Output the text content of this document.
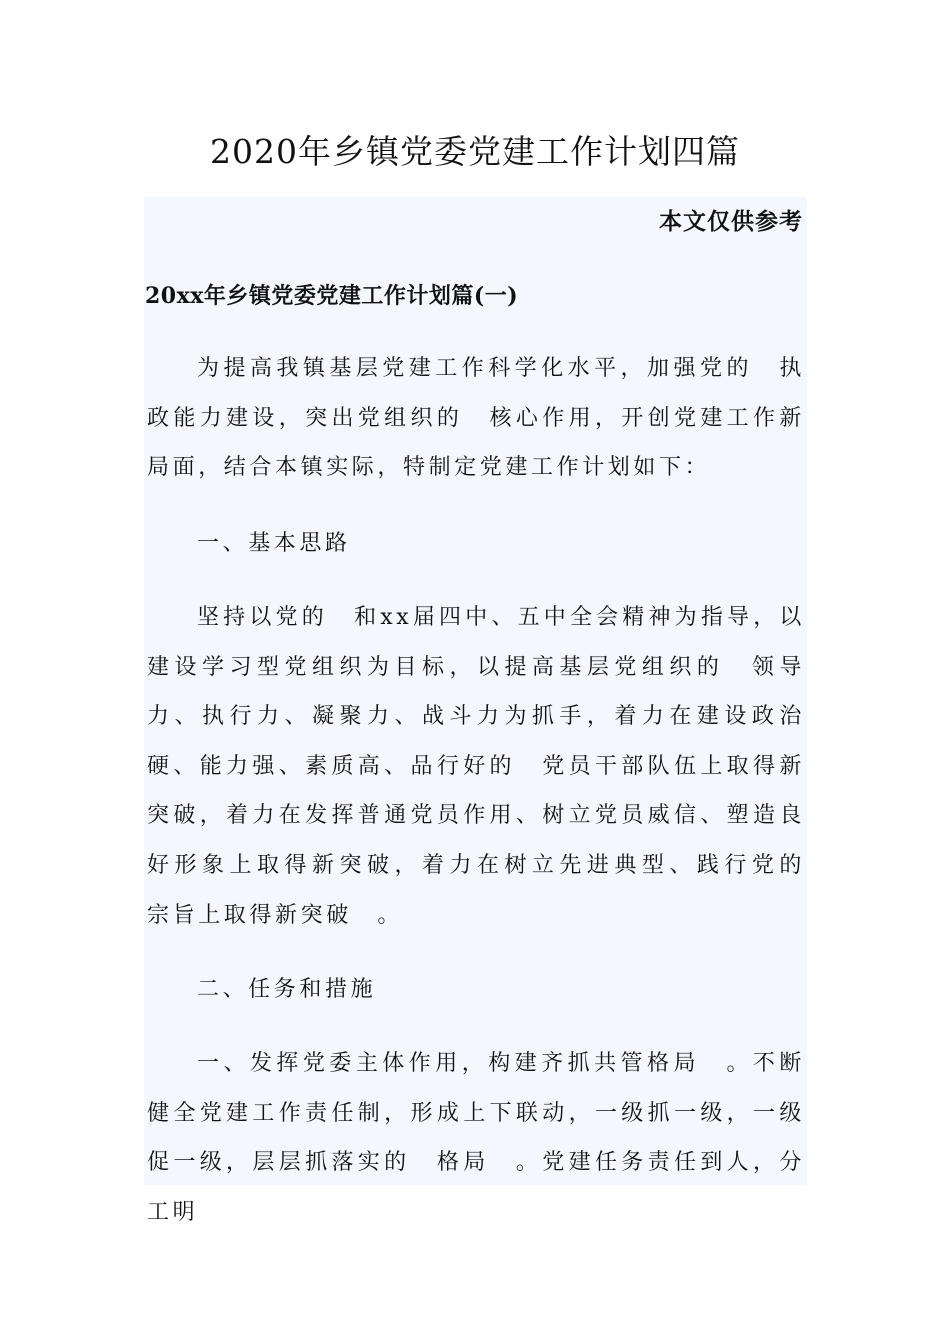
2020年乡镇党委党建工作计划四篇
本文仅供参考
20xx年乡镇党委党建工作计划篇(一)

为提高我镇基层党建工作科学化水平，加强党的　执政能力建设，突出党组织的　核心作用，开创党建工作新局面，结合本镇实际，特制定党建工作计划如下：

一、基本思路

坚持以党的　和xx届四中、五中全会精神为指导，以建设学习型党组织为目标，以提高基层党组织的　领导力、执行力、凝聚力、战斗力为抓手，着力在建设政治硬、能力强、素质高、品行好的　党员干部队伍上取得新突破，着力在发挥普通党员作用、树立党员威信、塑造良好形象上取得新突破，着力在树立先进典型、践行党的　宗旨上取得新突破　。

二、任务和措施

一、发挥党委主体作用，构建齐抓共管格局　。不断健全党建工作责任制，形成上下联动，一级抓一级，一级促一级，层层抓落实的　格局　。党建任务责任到人，分工明
